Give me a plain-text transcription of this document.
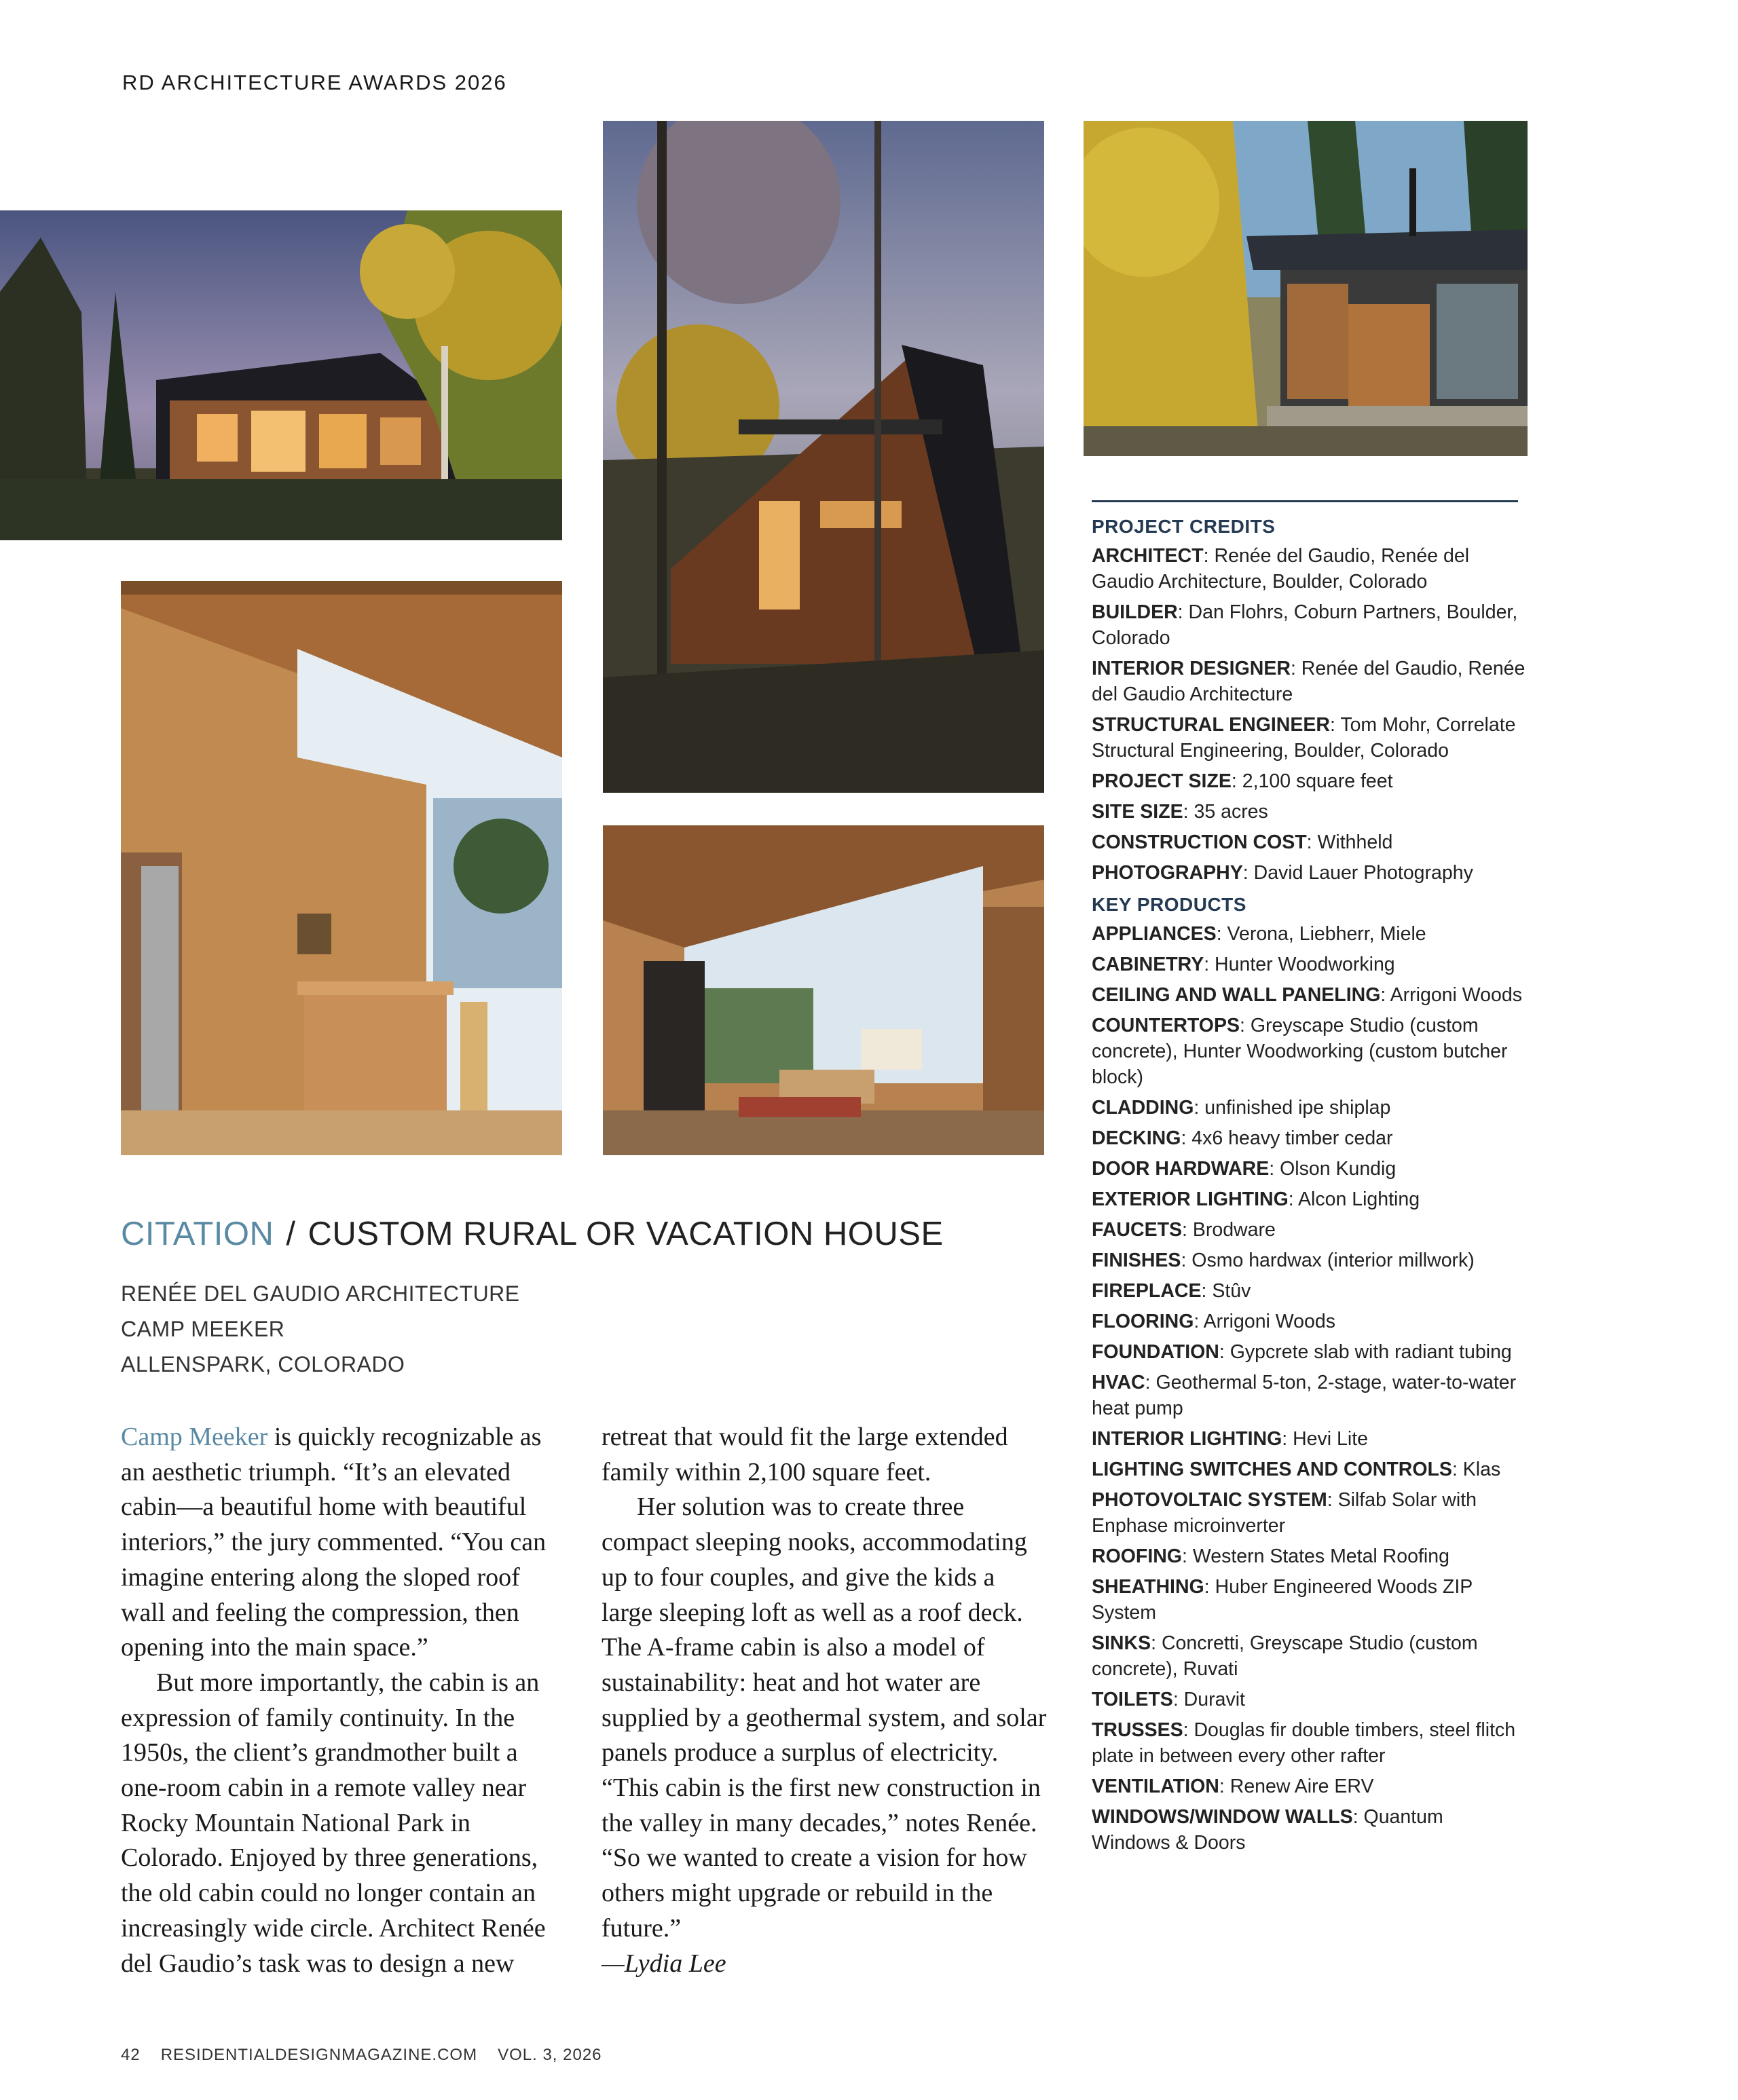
RD ARCHITECTURE AWARDS 2026
PROJECT CREDITS
ARCHITECT: Renée del Gaudio, Renée del Gaudio Architecture, Boulder, Colorado
BUILDER: Dan Flohrs, Coburn Partners, Boulder, Colorado
INTERIOR DESIGNER: Renée del Gaudio, Renée del Gaudio Architecture
STRUCTURAL ENGINEER: Tom Mohr, Correlate Structural Engineering, Boulder, Colorado
PROJECT SIZE: 2,100 square feet
SITE SIZE: 35 acres
CONSTRUCTION COST: Withheld
PHOTOGRAPHY: David Lauer Photography
KEY PRODUCTS
APPLIANCES: Verona, Liebherr, Miele
CABINETRY: Hunter Woodworking
CEILING AND WALL PANELING: Arrigoni Woods
COUNTERTOPS: Greyscape Studio (custom concrete), Hunter Woodworking (custom butcher block)
CLADDING: unfinished ipe shiplap
DECKING: 4x6 heavy timber cedar
DOOR HARDWARE: Olson Kundig
EXTERIOR LIGHTING: Alcon Lighting
FAUCETS: Brodware
FINISHES: Osmo hardwax (interior millwork)
FIREPLACE: Stûv
FLOORING: Arrigoni Woods
FOUNDATION: Gypcrete slab with radiant tubing
HVAC: Geothermal 5-ton, 2-stage, water-to-water heat pump
INTERIOR LIGHTING: Hevi Lite
LIGHTING SWITCHES AND CONTROLS: Klas
PHOTOVOLTAIC SYSTEM: Silfab Solar with Enphase microinverter
ROOFING: Western States Metal Roofing
SHEATHING: Huber Engineered Woods ZIP System
SINKS: Concretti, Greyscape Studio (custom concrete), Ruvati
TOILETS: Duravit
TRUSSES: Douglas fir double timbers, steel flitch plate in between every other rafter
VENTILATION: Renew Aire ERV
WINDOWS/WINDOW WALLS: Quantum Windows & Doors
CITATION / CUSTOM RURAL OR VACATION HOUSE
RENÉE DEL GAUDIO ARCHITECTURE
CAMP MEEKER
ALLENSPARK, COLORADO

Camp Meeker is quickly recognizable as an aesthetic triumph. “It’s an elevated cabin—a beautiful home with beautiful interiors,” the jury commented. “You can imagine entering along the sloped roof wall and feeling the compression, then opening into the main space.”

But more importantly, the cabin is an expression of family continuity. In the 1950s, the client’s grandmother built a one-room cabin in a remote valley near Rocky Mountain National Park in Colorado. Enjoyed by three generations, the old cabin could no longer contain an increasingly wide circle. Architect Renée del Gaudio’s task was to design a new

retreat that would fit the large extended family within 2,100 square feet.

Her solution was to create three compact sleeping nooks, accommodating up to four couples, and give the kids a large sleeping loft as well as a roof deck. The A-frame cabin is also a model of sustainability: heat and hot water are supplied by a geothermal system, and solar panels produce a surplus of electricity. “This cabin is the first new construction in the valley in many decades,” notes Renée. “So we wanted to create a vision for how others might upgrade or rebuild in the future.”

—Lydia Lee

42 RESIDENTIALDESIGNMAGAZINE.COM VOL. 3, 2026
